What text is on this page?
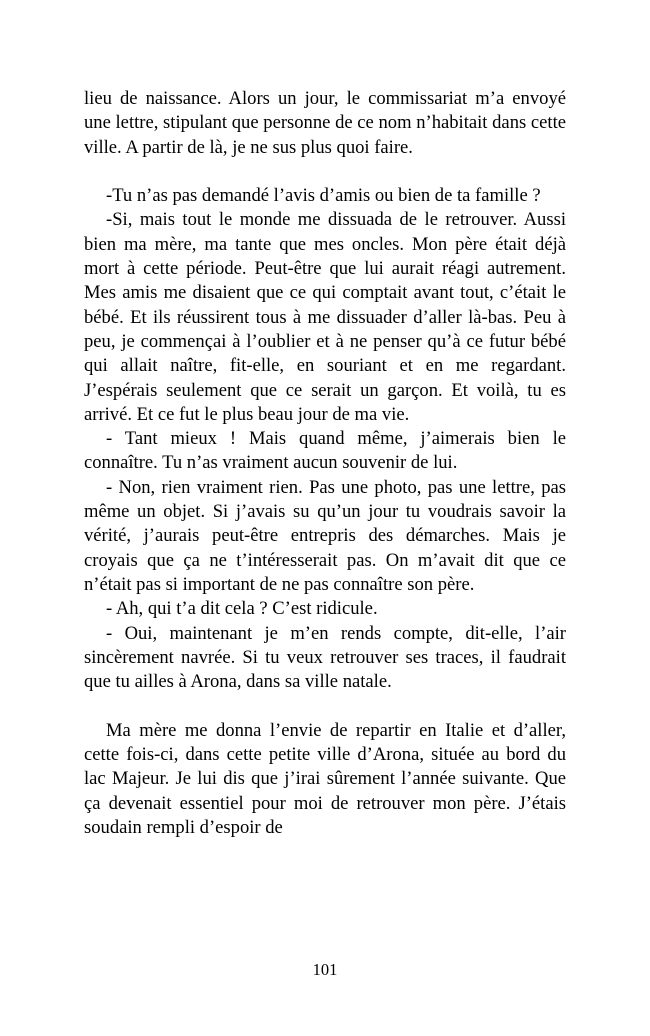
lieu de naissance. Alors un jour, le commissariat m’a envoyé une lettre, stipulant que personne de ce nom n’habitait dans cette ville. A partir de là, je ne sus plus quoi faire.

-Tu n’as pas demandé l’avis d’amis ou bien de ta famille ?

-Si, mais tout le monde me dissuada de le retrouver. Aussi bien ma mère, ma tante que mes oncles. Mon père était déjà mort à cette période. Peut-être que lui aurait réagi autrement. Mes amis me disaient que ce qui comptait avant tout, c’était le bébé. Et ils réussirent tous à me dissuader d’aller là-bas. Peu à peu, je commençai à l’oublier et à ne penser qu’à ce futur bébé qui allait naître, fit-elle, en souriant et en me regardant. J’espérais seulement que ce serait un garçon. Et voilà, tu es arrivé. Et ce fut le plus beau jour de ma vie.

- Tant mieux ! Mais quand même, j’aimerais bien le connaître. Tu n’as vraiment aucun souvenir de lui.

- Non, rien vraiment rien. Pas une photo, pas une lettre, pas même un objet. Si j’avais su qu’un jour tu voudrais savoir la vérité, j’aurais peut-être entrepris des démarches. Mais je croyais que ça ne t’intéresserait pas. On m’avait dit que ce n’était pas si important de ne pas connaître son père.

- Ah, qui t’a dit cela ? C’est ridicule.

- Oui, maintenant je m’en rends compte, dit-elle, l’air sincèrement navrée. Si tu veux retrouver ses traces, il faudrait que tu ailles à Arona, dans sa ville natale.

Ma mère me donna l’envie de repartir en Italie et d’aller, cette fois-ci, dans cette petite ville d’Arona, située au bord du lac Majeur. Je lui dis que j’irai sûrement l’année suivante. Que ça devenait essentiel pour moi de retrouver mon père. J’étais soudain rempli d’espoir de

101
